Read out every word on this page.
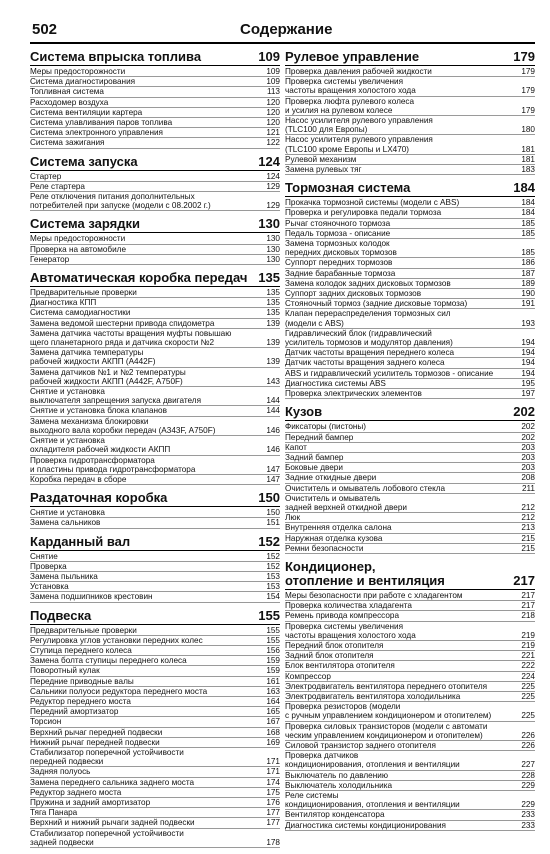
502	Содержание
Система впрыска топлива	109
Меры предосторожности	109
Система диагностирования	109
Топливная система	113
Расходомер воздуха	120
Система вентиляции картера	120
Система улавливания паров топлива	120
Система электронного управления	121
Система зажигания	122
Система запуска	124
Стартер	124
Реле стартера	129
Реле отключения питания дополнительных
потребителей при запуске (модели с 08.2002 г.)	129
Система зарядки	130
Меры предосторожности	130
Проверка на автомобиле	130
Генератор	130
Автоматическая коробка передач 135
Предварительные проверки	135
Диагностика КПП	135
Система самодиагностики	135
Замена ведомой шестерни привода спидометра	139
Замена датчика частоты вращения муфты повышаю
щего планетарного ряда и датчика скорости №2	139
Замена датчика температуры
рабочей жидкости АКПП (A442F)	139
Замена датчиков №1 и №2 температуры
рабочей жидкости АКПП (A442F, A750F)	143
Снятие и установка
выключателя запрещения запуска двигателя	144
Снятие и установка блока клапанов	144
Замена механизма блокировки
выходного вала коробки передач (A343F, A750F)	146
Снятие и установка
охладителя рабочей жидкости АКПП	146
Проверка гидротрансформатора
и пластины привода гидротрансформатора	147
Коробка передач в сборе	147
Раздаточная коробка	150
Снятие и установка	150
Замена сальников	151
Карданный вал	152
Снятие	152
Проверка	152
Замена пыльника	153
Установка	153
Замена подшипников крестовин	154
Подвеска	155
Предварительные проверки	155
Регулировка углов установки передних колес	155
Ступица переднего колеса	156
Замена болта ступицы переднего колеса	159
Поворотный кулак	159
Передние приводные валы	161
Сальники полуоси редуктора переднего моста	163
Редуктор переднего моста	164
Передний амортизатор	165
Торсион	167
Верхний рычаг передней подвески	168
Нижний рычаг передней подвески	169
Стабилизатор поперечной устойчивости
передней подвески	171
Задняя полуось	171
Замена переднего сальника заднего моста	174
Редуктор заднего моста	175
Пружина и задний амортизатор	176
Тяга Панара	177
Верхний и нижний рычаги задней подвески	177
Стабилизатор поперечной устойчивости
задней подвески	178
Рулевое управление	179
Проверка давления рабочей жидкости	179
Проверка системы увеличения
частоты вращения холостого хода	179
Проверка люфта рулевого колеса
и усилия на рулевом колесе	179
Насос усилителя рулевого управления
(TLC100 для Европы)	180
Насос усилителя рулевого управления
(TLC100 кроме Европы и LX470)	181
Рулевой механизм	181
Замена рулевых тяг	183
Тормозная система	184
Прокачка тормозной системы (модели с ABS)	184
Проверка и регулировка педали тормоза	184
Рычаг стояночного тормоза	185
Педаль тормоза - описание	185
Замена тормозных колодок
передних дисковых тормозов	185
Суппорт передних тормозов	186
Задние барабанные тормоза	187
Замена колодок задних дисковых тормозов	189
Суппорт задних дисковых тормозов	190
Стояночный тормоз (задние дисковые тормоза)	191
Клапан перераспределения тормозных сил
(модели с ABS)	193
Гидравлический блок (гидравлический
усилитель тормозов и модулятор давления)	194
Датчик частоты вращения переднего колеса	194
Датчик частоты вращения заднего колеса	194
ABS и гидравлический усилитель тормозов - описание	194
Диагностика системы ABS	195
Проверка электрических элементов	197
Кузов	202
Фиксаторы (пистоны)	202
Передний бампер	202
Капот	203
Задний бампер	203
Боковые двери	203
Задние откидные двери	208
Очиститель и омыватель лобового стекла	211
Очиститель и омыватель
задней верхней откидной двери	212
Люк	212
Внутренняя отделка салона	213
Наружная отделка кузова	215
Ремни безопасности	215
Кондиционер,
отопление и вентиляция	217
Меры безопасности при работе с хладагентом	217
Проверка количества хладагента	217
Ремень привода компрессора	218
Проверка системы увеличения
частоты вращения холостого хода	219
Передний блок отопителя	219
Задний блок отопителя	221
Блок вентилятора отопителя	222
Компрессор	224
Электродвигатель вентилятора переднего отопителя	225
Электродвигатель вентилятора холодильника	225
Проверка резисторов (модели
с ручным управлением кондиционером и отопителем)	225
Проверка силовых транзисторов (модели с автомати
ческим управлением кондиционером и отопителем)	226
Силовой транзистор заднего отопителя	226
Проверка датчиков
кондиционирования, отопления и вентиляции	227
Выключатель по давлению	228
Выключатель холодильника	229
Реле системы
кондиционирования, отопления и вентиляции	229
Вентилятор конденсатора	233
Диагностика системы кондиционирования	233
